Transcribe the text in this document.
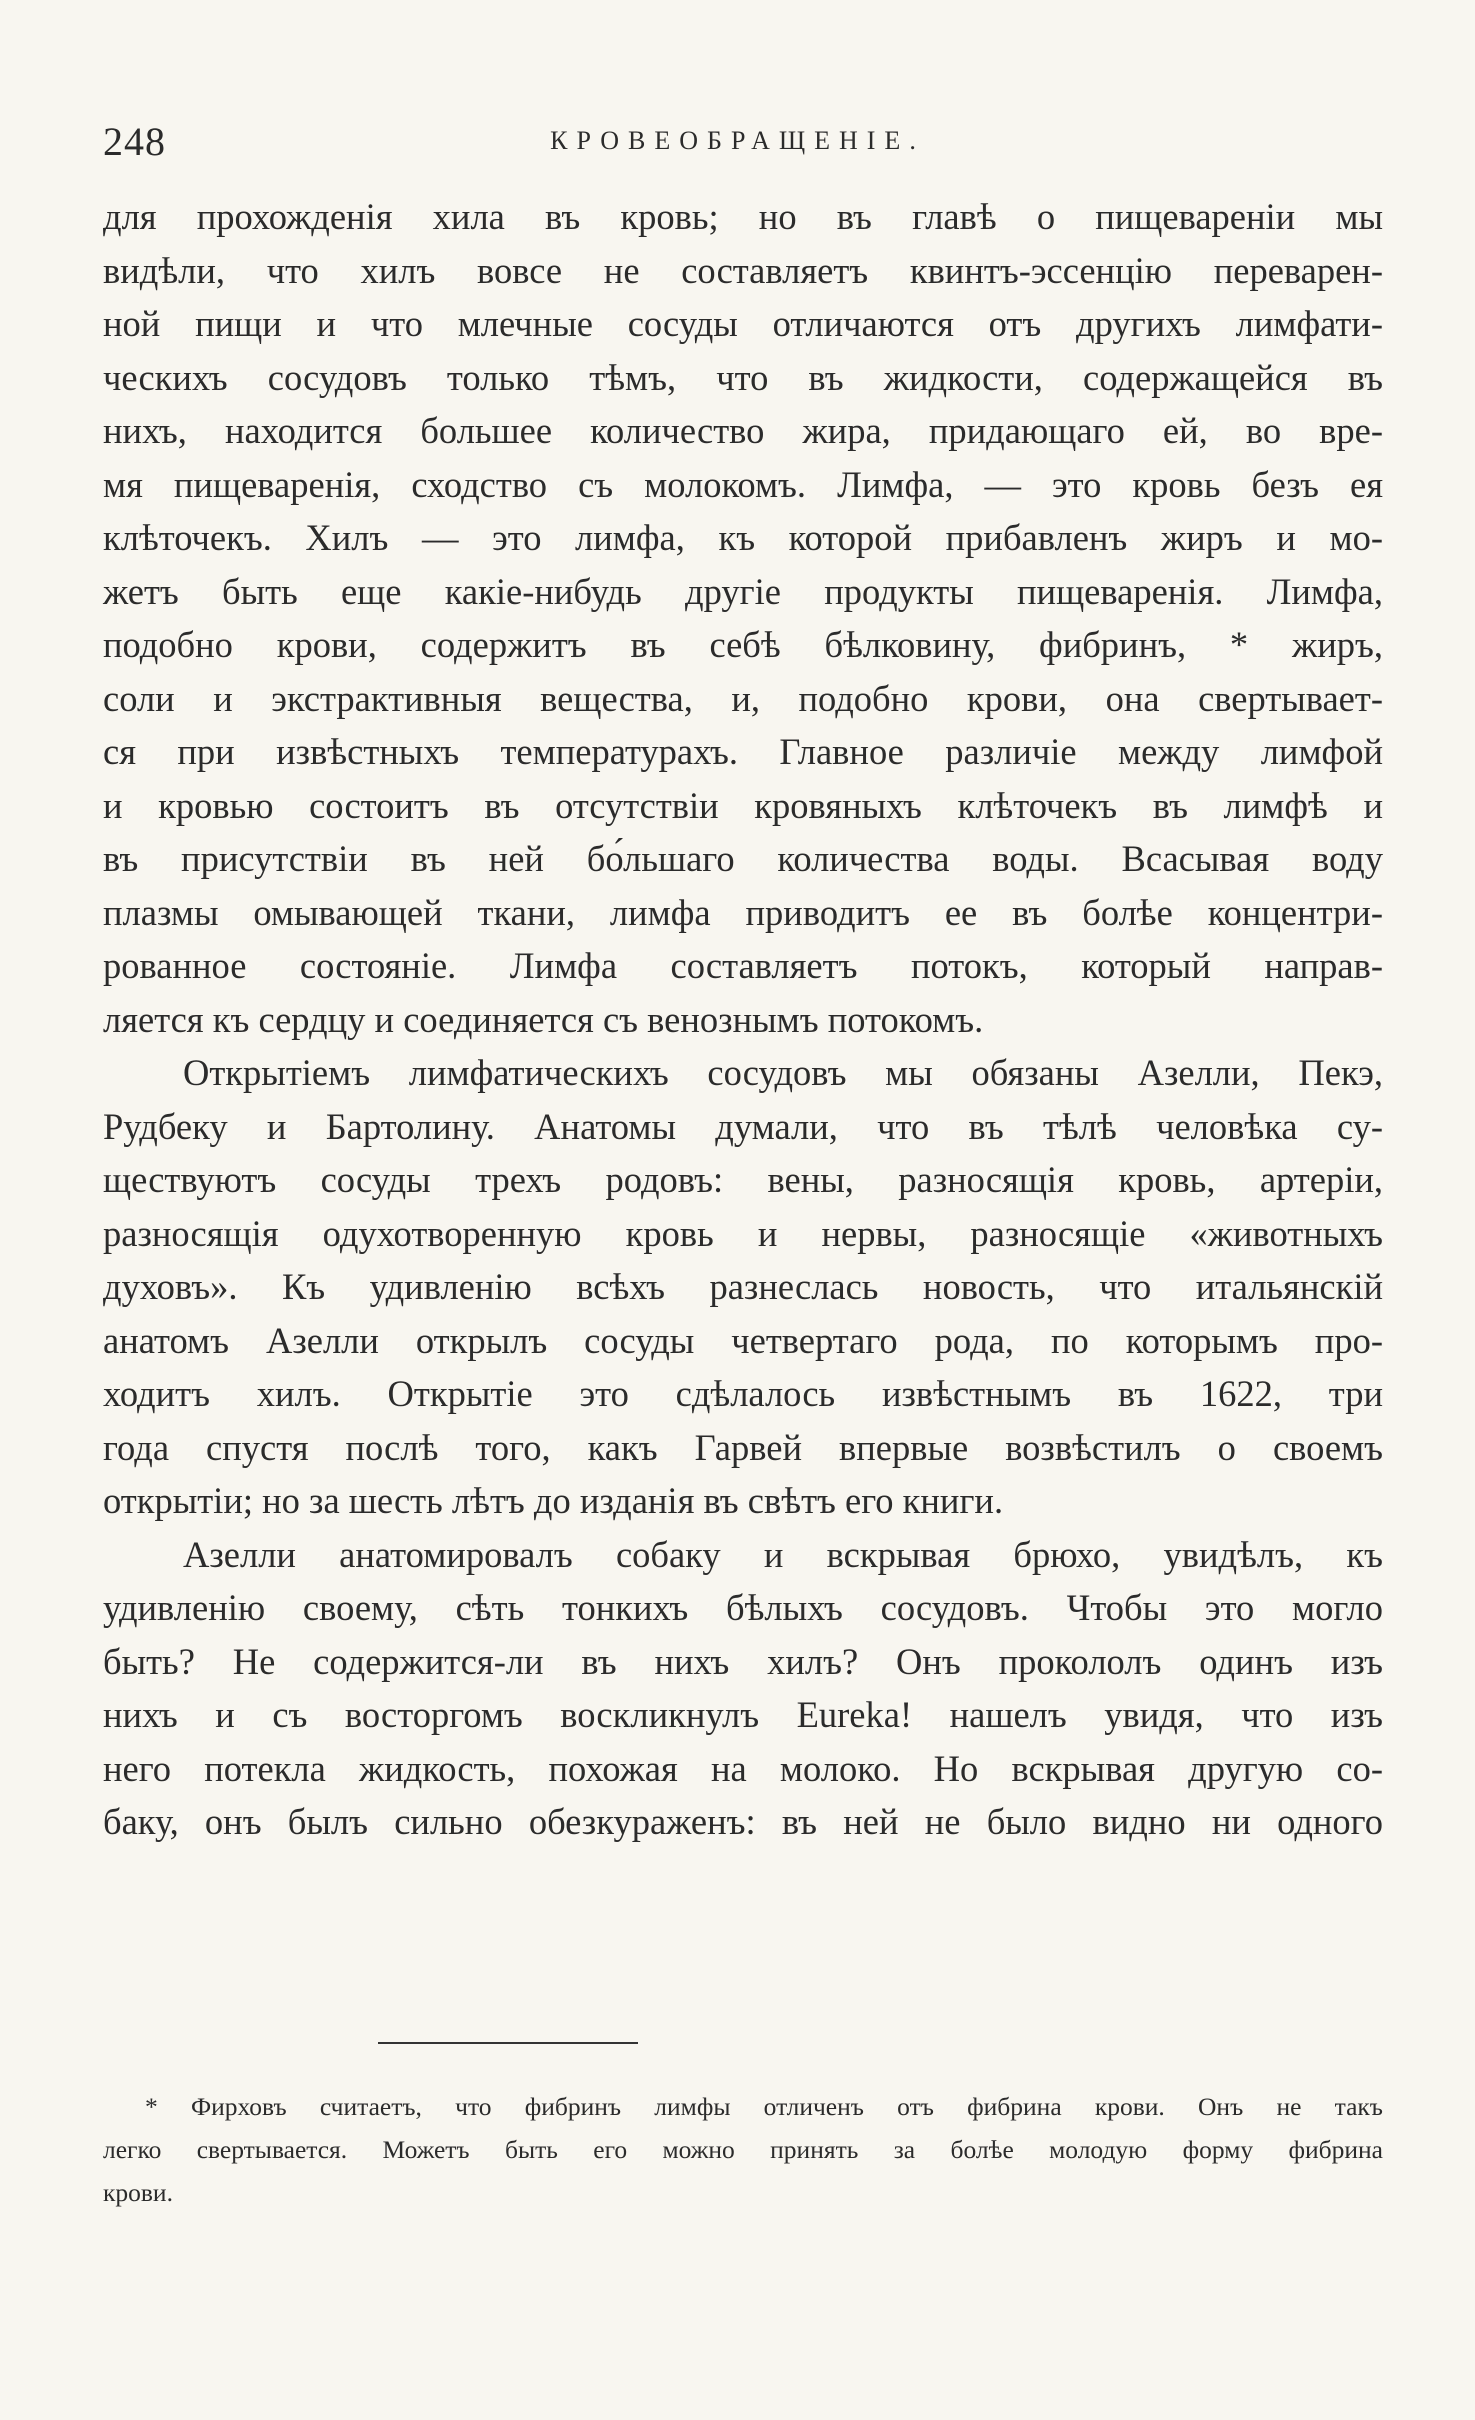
248	КРОВЕОБРАЩЕНIЕ.
для прохожденiя хила въ кровь; но въ главѣ о пищеваренiи мы
видѣли, что хилъ вовсе не составляетъ квинтъ-эссенцiю переварен-
ной пищи и что млечные сосуды отличаются отъ другихъ лимфати-
ческихъ сосудовъ только тѣмъ, что въ жидкости, содержащейся въ
нихъ, находится большее количество жира, придающаго ей, во вре-
мя пищеваренiя, сходство съ молокомъ. Лимфа, — это кровь безъ ея
клѣточекъ. Хилъ — это лимфа, къ которой прибавленъ жиръ и мо-
жетъ быть еще какiе-нибудь другiе продукты пищеваренiя. Лимфа,
подобно крови, содержитъ въ себѣ бѣлковину, фибринъ, * жиръ,
соли и экстрактивныя вещества, и, подобно крови, она свертывает-
ся при извѣстныхъ температурахъ. Главное различiе между лимфой
и кровью состоитъ въ отсутствiи кровяныхъ клѣточекъ въ лимфѣ и
въ присутствiи въ ней бо́льшаго количества воды. Всасывая воду
плазмы омывающей ткани, лимфа приводитъ ее въ болѣе концентри-
рованное состоянiе. Лимфа составляетъ потокъ, который направ-
ляется къ сердцу и соединяется съ венознымъ потокомъ.
Открытiемъ лимфатическихъ сосудовъ мы обязаны Азелли, Пекэ,
Рудбеку и Бартолину. Анатомы думали, что въ тѣлѣ человѣка су-
ществуютъ сосуды трехъ родовъ: вены, разносящiя кровь, артерiи,
разносящiя одухотворенную кровь и нервы, разносящiе «животныхъ
духовъ». Къ удивленiю всѣхъ разнеслась новость, что итальянскiй
анатомъ Азелли открылъ сосуды четвертаго рода, по которымъ про-
ходитъ хилъ. Открытiе это сдѣлалось извѣстнымъ въ 1622, три
года спустя послѣ того, какъ Гарвей впервые возвѣстилъ о своемъ
открытiи; но за шесть лѣтъ до изданiя въ свѣтъ его книги.
Азелли анатомировалъ собаку и вскрывая брюхо, увидѣлъ, къ
удивленiю своему, сѣть тонкихъ бѣлыхъ сосудовъ. Чтобы это могло
быть? Не содержится-ли въ нихъ хилъ? Онъ прокололъ одинъ изъ
нихъ и съ восторгомъ воскликнулъ Eureka! нашелъ увидя, что изъ
него потекла жидкость, похожая на молоко. Но вскрывая другую со-
баку, онъ былъ сильно обезкураженъ: въ ней не было видно ни одного
* Фирховъ считаетъ, что фибринъ лимфы отличенъ отъ фибрина крови. Онъ не такъ
легко свертывается. Можетъ быть его можно принять за болѣе молодую форму фибрина
крови.
